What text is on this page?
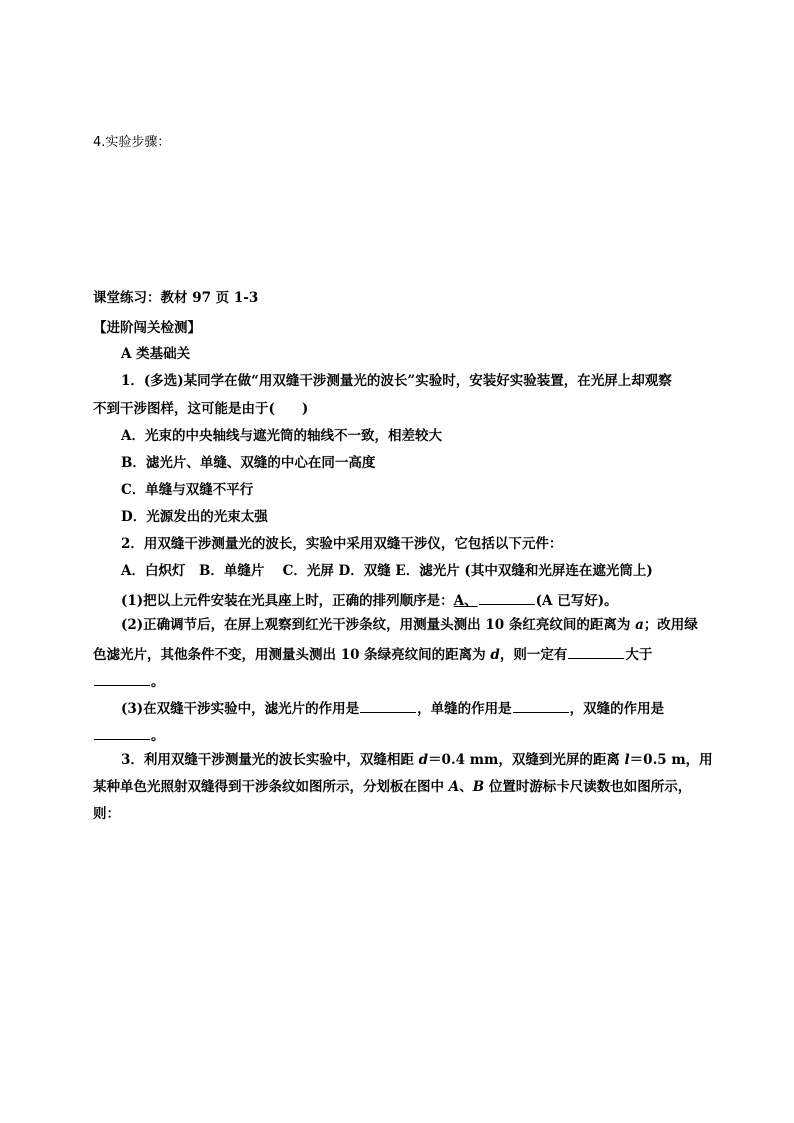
4.实验步骤：
课堂练习：教材 97 页 1-3
【进阶闯关检测】
A 类基础关
1．(多选)某同学在做“用双缝干涉测量光的波长”实验时，安装好实验装置，在光屏上却观察
不到干涉图样，这可能是由于(　　)
A．光束的中央轴线与遮光筒的轴线不一致，相差较大
B．滤光片、单缝、双缝的中心在同一高度
C．单缝与双缝不平行
D．光源发出的光束太强
2．用双缝干涉测量光的波长，实验中采用双缝干涉仪，它包括以下元件：
A．白炽灯　B．单缝片　 C．光屏 D．双缝 E．滤光片 (其中双缝和光屏连在遮光筒上)
(1)把以上元件安装在光具座上时，正确的排列顺序是：A、	(A 已写好)。
(2)正确调节后，在屏上观察到红光干涉条纹，用测量头测出 10 条红亮纹间的距离为 a；改用绿
色滤光片，其他条件不变，用测量头测出 10 条绿亮纹间的距离为 d，则一定有	大于
。
(3)在双缝干涉实验中，滤光片的作用是	，单缝的作用是	，双缝的作用是
。
3．利用双缝干涉测量光的波长实验中，双缝相距 d＝0.4 mm，双缝到光屏的距离 l＝0.5 m，用
某种单色光照射双缝得到干涉条纹如图所示，分划板在图中 A、B 位置时游标卡尺读数也如图所示，
则：
